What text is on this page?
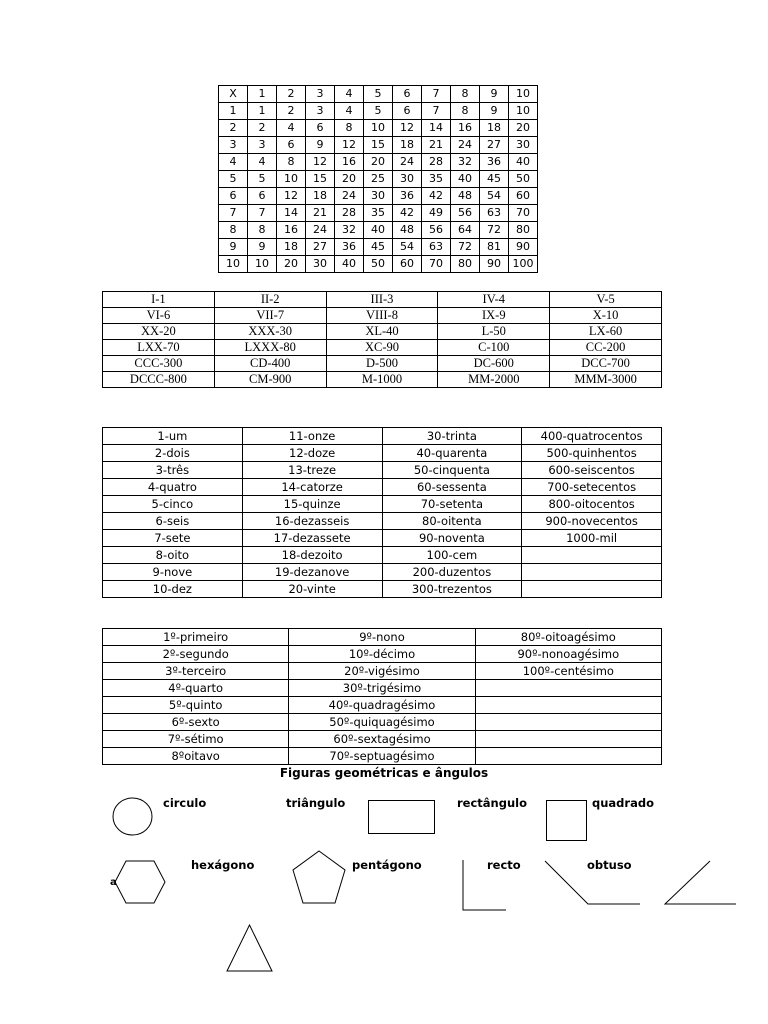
X	1	2	3	4	5	6	7	8	9	10
1	1	2	3	4	5	6	7	8	9	10
2	2	4	6	8	10	12	14	16	18	20
3	3	6	9	12	15	18	21	24	27	30
4	4	8	12	16	20	24	28	32	36	40
5	5	10	15	20	25	30	35	40	45	50
6	6	12	18	24	30	36	42	48	54	60
7	7	14	21	28	35	42	49	56	63	70
8	8	16	24	32	40	48	56	64	72	80
9	9	18	27	36	45	54	63	72	81	90
10	10	20	30	40	50	60	70	80	90	100
I-1	II-2	III-3	IV-4	V-5
VI-6	VII-7	VIII-8	IX-9	X-10
XX-20	XXX-30	XL-40	L-50	LX-60
LXX-70	LXXX-80	XC-90	C-100	CC-200
CCC-300	CD-400	D-500	DC-600	DCC-700
DCCC-800	CM-900	M-1000	MM-2000	MMM-3000
1-um	11-onze	30-trinta	400-quatrocentos
2-dois	12-doze	40-quarenta	500-quinhentos
3-três	13-treze	50-cinquenta	600-seiscentos
4-quatro	14-catorze	60-sessenta	700-setecentos
5-cinco	15-quinze	70-setenta	800-oitocentos
6-seis	16-dezasseis	80-oitenta	900-novecentos
7-sete	17-dezassete	90-noventa	1000-mil
8-oito	18-dezoito	100-cem	
9-nove	19-dezanove	200-duzentos	
10-dez	20-vinte	300-trezentos	
1º-primeiro	9º-nono	80º-oitoagésimo
2º-segundo	10º-décimo	90º-nonoagésimo
3º-terceiro	20º-vigésimo	100º-centésimo
4º-quarto	30º-trigésimo	
5º-quinto	40º-quadragésimo	
6º-sexto	50º-quiquagésimo	
7º-sétimo	60º-sextagésimo	
8ºoitavo	70º-septuagésimo	
Figuras geométricas e ângulos
circulo	triângulo	rectângulo	quadrado
a
hexágono	pentágono	recto	obtuso
